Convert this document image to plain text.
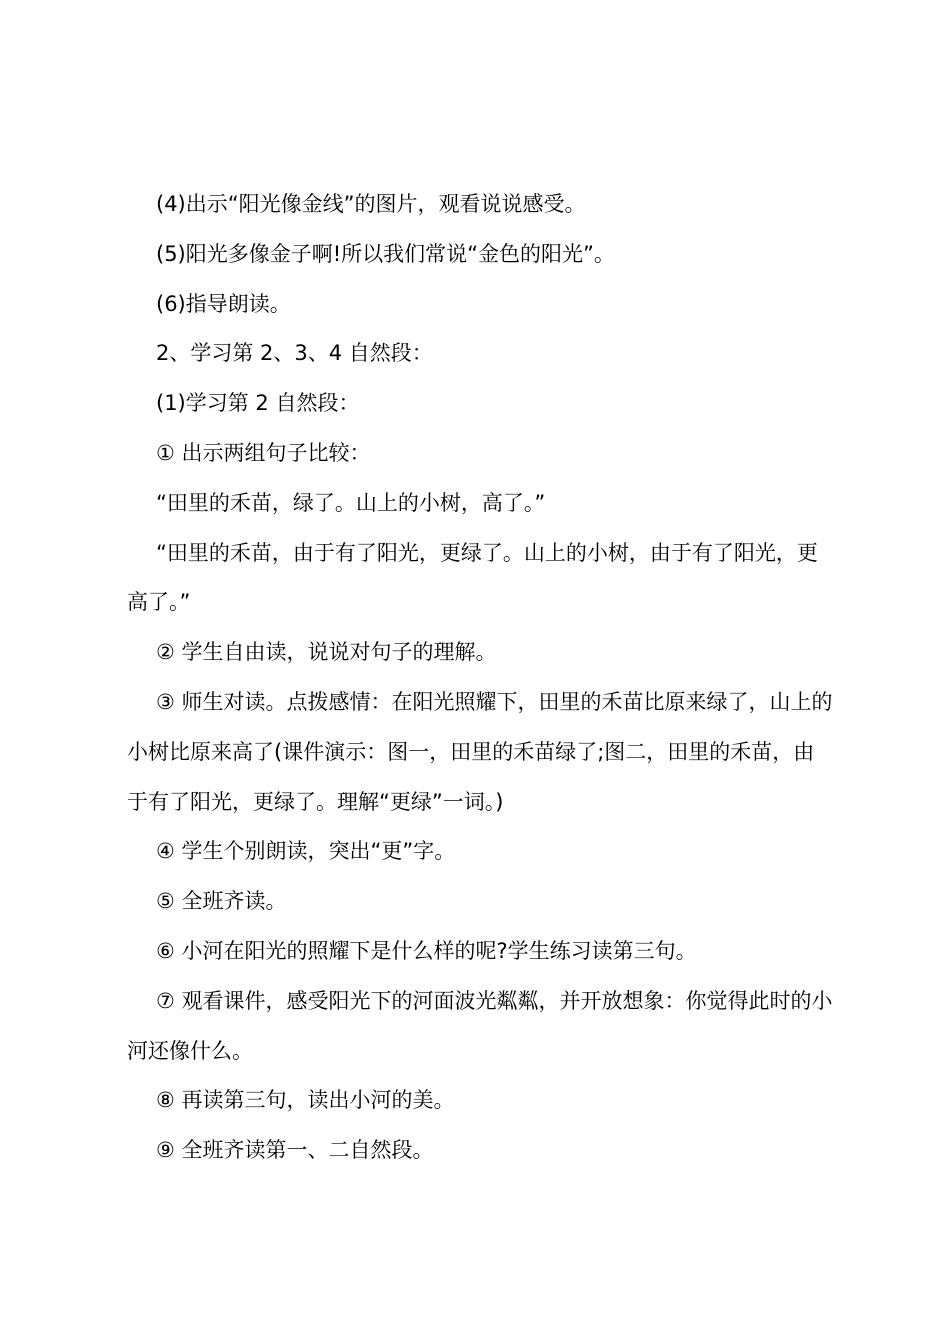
(4)出示“阳光像金线”的图片，观看说说感受。

(5)阳光多像金子啊!所以我们常说“金色的阳光”。

(6)指导朗读。

2、学习第 2、3、4 自然段：

(1)学习第 2 自然段：

① 出示两组句子比较：

“田里的禾苗，绿了。山上的小树，高了。”

“田里的禾苗，由于有了阳光，更绿了。山上的小树，由于有了阳光，更高了。”

② 学生自由读，说说对句子的理解。

③ 师生对读。点拨感情：在阳光照耀下，田里的禾苗比原来绿了，山上的小树比原来高了(课件演示：图一，田里的禾苗绿了;图二，田里的禾苗，由于有了阳光，更绿了。理解“更绿”一词。)

④ 学生个别朗读，突出“更”字。

⑤ 全班齐读。

⑥ 小河在阳光的照耀下是什么样的呢?学生练习读第三句。

⑦ 观看课件，感受阳光下的河面波光粼粼，并开放想象：你觉得此时的小河还像什么。

⑧ 再读第三句，读出小河的美。

⑨ 全班齐读第一、二自然段。
